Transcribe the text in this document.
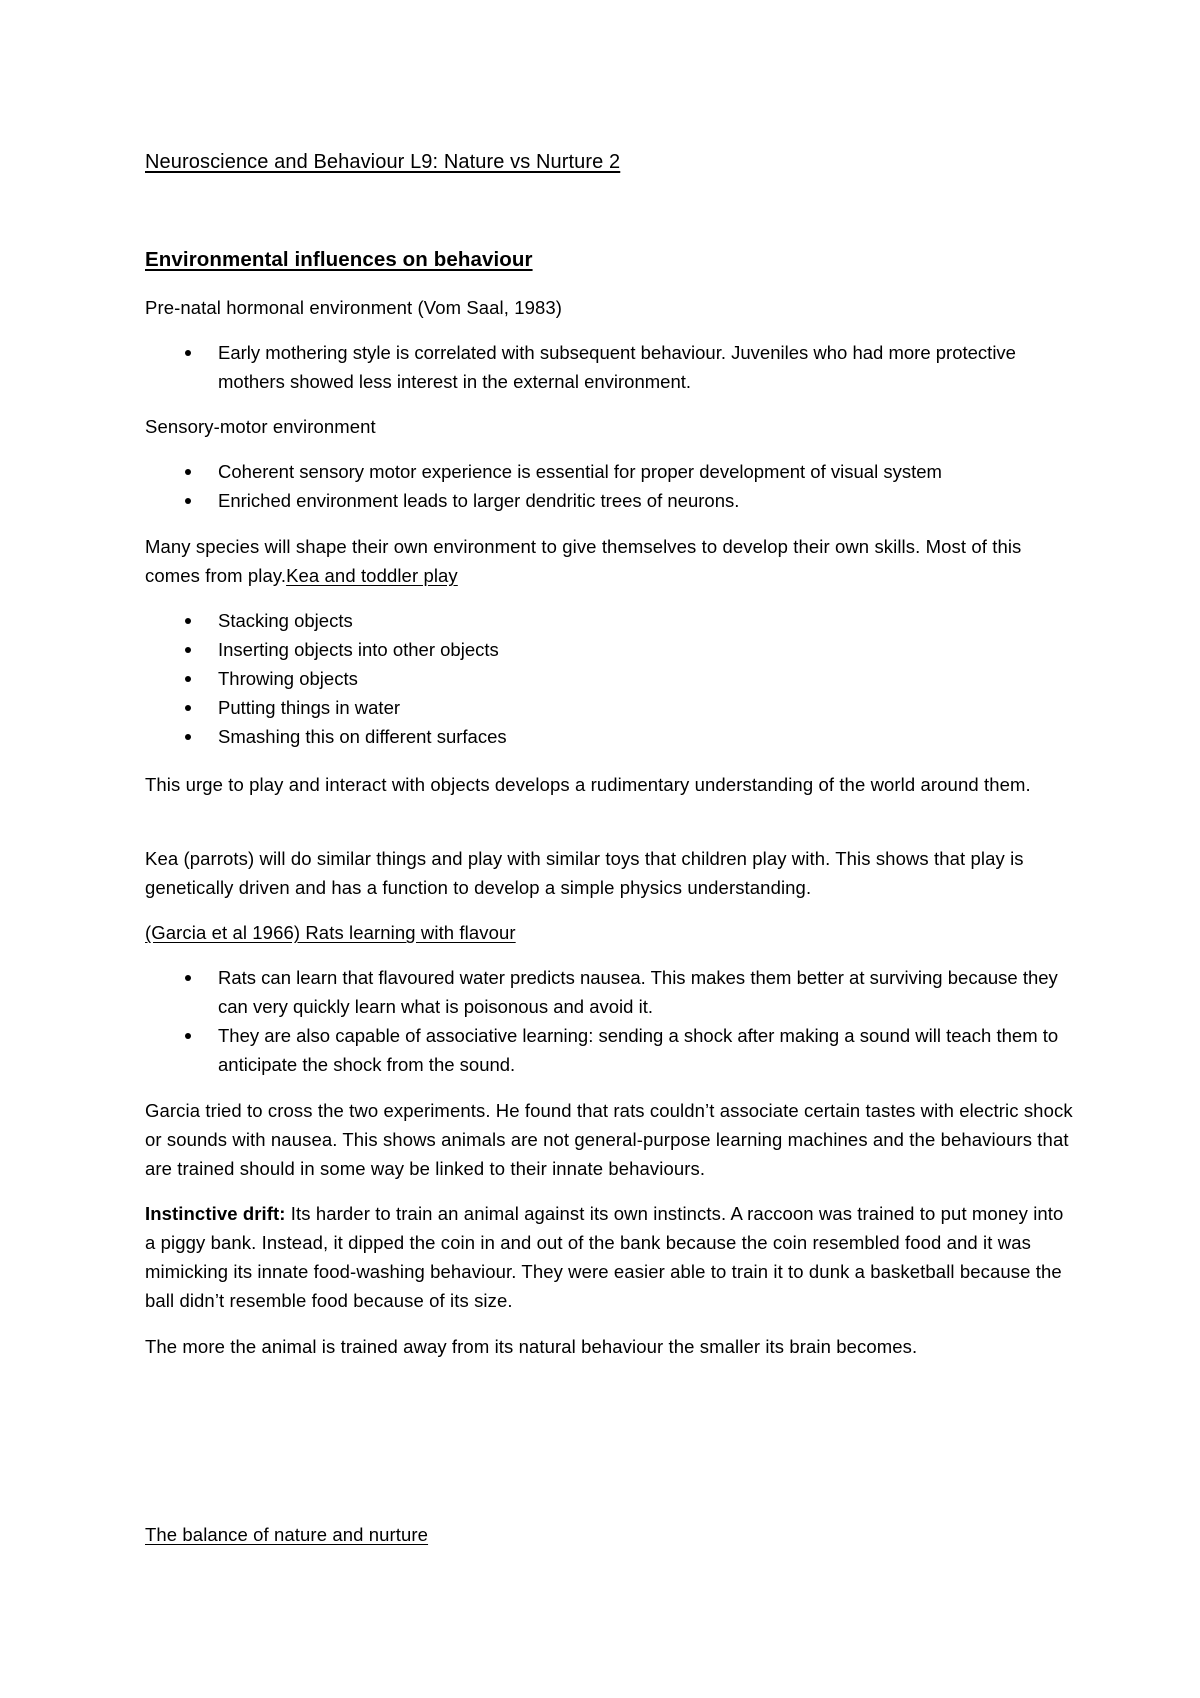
Neuroscience and Behaviour L9: Nature vs Nurture 2
Environmental influences on behaviour
Pre-natal hormonal environment (Vom Saal, 1983)
Early mothering style is correlated with subsequent behaviour. Juveniles who had more protective mothers showed less interest in the external environment.
Sensory-motor environment
Coherent sensory motor experience is essential for proper development of visual system
Enriched environment leads to larger dendritic trees of neurons.
Many species will shape their own environment to give themselves to develop their own skills. Most of this comes from play.Kea and toddler play
Stacking objects
Inserting objects into other objects
Throwing objects
Putting things in water
Smashing this on different surfaces
This urge to play and interact with objects develops a rudimentary understanding of the world around them.
Kea (parrots) will do similar things and play with similar toys that children play with. This shows that play is genetically driven and has a function to develop a simple physics understanding.
(Garcia et al 1966) Rats learning with flavour
Rats can learn that flavoured water predicts nausea. This makes them better at surviving because they can very quickly learn what is poisonous and avoid it.
They are also capable of associative learning: sending a shock after making a sound will teach them to anticipate the shock from the sound.
Garcia tried to cross the two experiments. He found that rats couldn’t associate certain tastes with electric shock or sounds with nausea. This shows animals are not general-purpose learning machines and the behaviours that are trained should in some way be linked to their innate behaviours.
Instinctive drift: Its harder to train an animal against its own instincts. A raccoon was trained to put money into a piggy bank. Instead, it dipped the coin in and out of the bank because the coin resembled food and it was mimicking its innate food-washing behaviour. They were easier able to train it to dunk a basketball because the ball didn’t resemble food because of its size.
The more the animal is trained away from its natural behaviour the smaller its brain becomes.
The balance of nature and nurture
